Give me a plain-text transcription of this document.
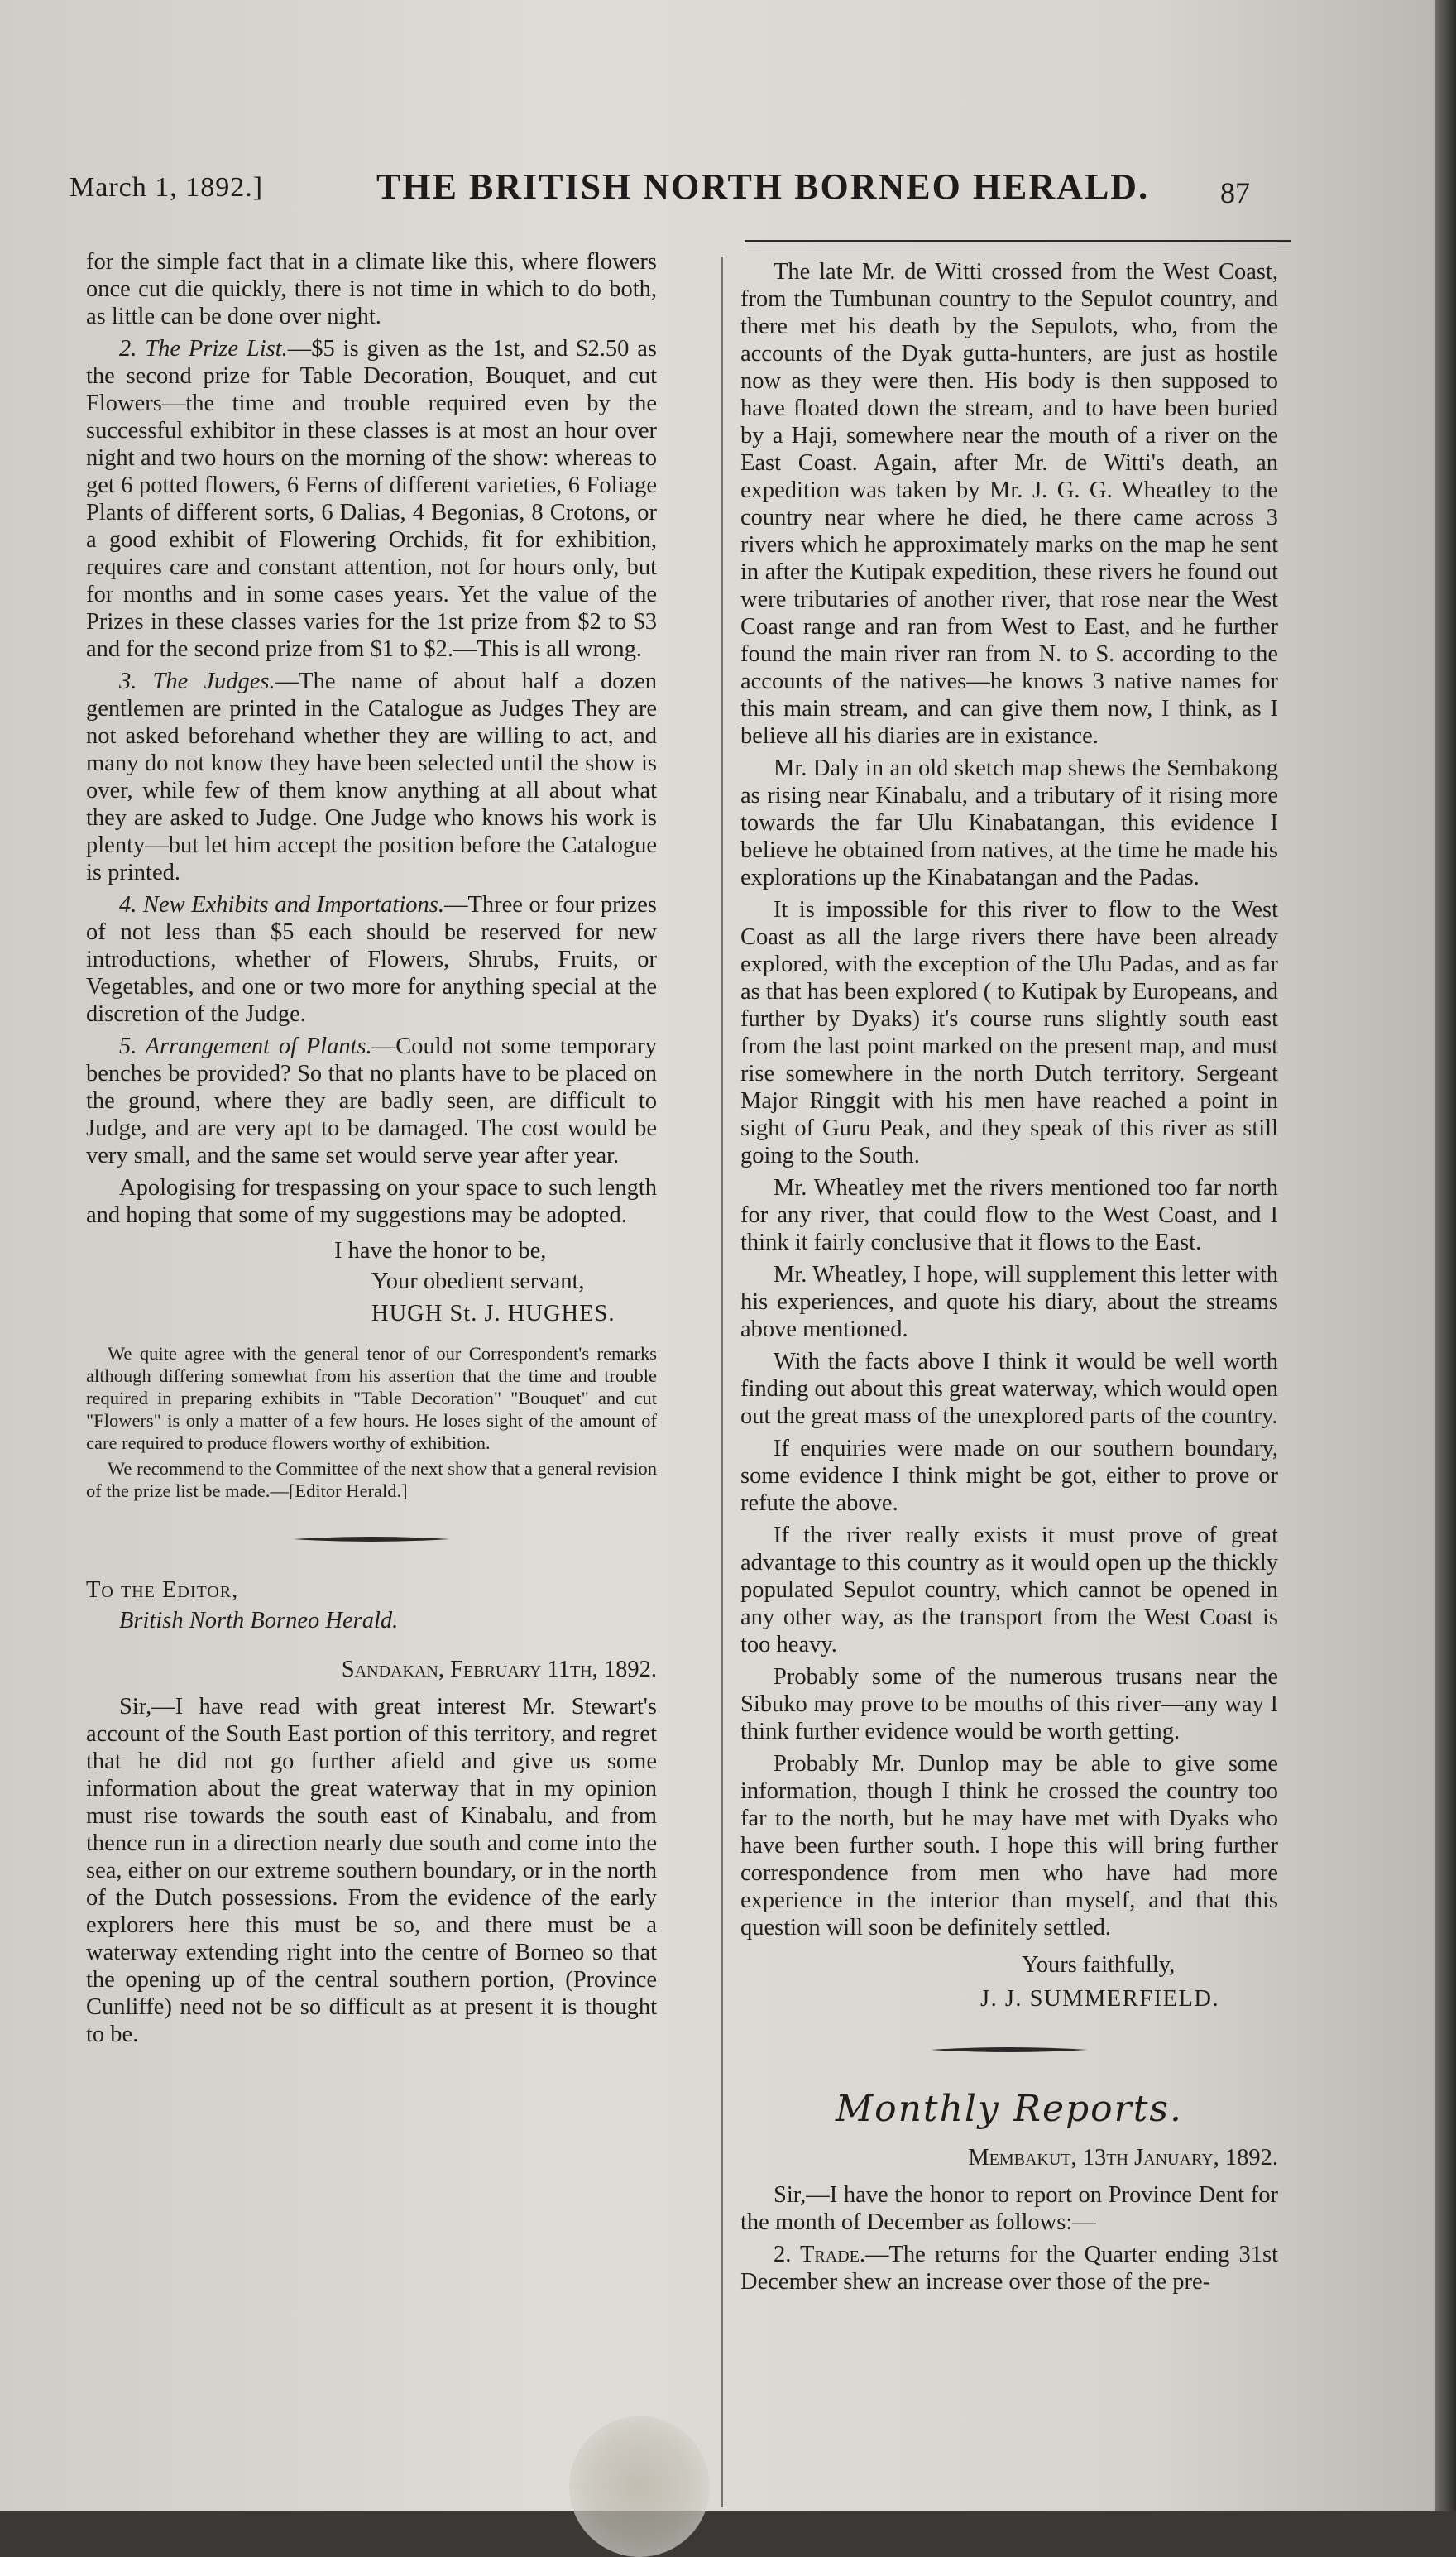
March 1, 1892.]	THE BRITISH NORTH BORNEO HERALD. 87

for the simple fact that in a climate like this, where flowers once cut die quickly, there is not time in which to do both, as little can be done over night.

2. The Prize List.—$5 is given as the 1st, and $2.50 as the second prize for Table Decoration, Bouquet, and cut Flowers—the time and trouble required even by the successful exhibitor in these classes is at most an hour over night and two hours on the morning of the show: whereas to get 6 potted flowers, 6 Ferns of different varieties, 6 Foliage Plants of different sorts, 6 Dalias, 4 Begonias, 8 Crotons, or a good exhibit of Flowering Orchids, fit for exhibition, requires care and constant attention, not for hours only, but for months and in some cases years. Yet the value of the Prizes in these classes varies for the 1st prize from $2 to $3 and for the second prize from $1 to $2.—This is all wrong.

3. The Judges.—The name of about half a dozen gentlemen are printed in the Catalogue as Judges They are not asked beforehand whether they are willing to act, and many do not know they have been selected until the show is over, while few of them know anything at all about what they are asked to Judge. One Judge who knows his work is plenty—but let him accept the position before the Catalogue is printed.

4. New Exhibits and Importations.—Three or four prizes of not less than $5 each should be reserved for new introductions, whether of Flowers, Shrubs, Fruits, or Vegetables, and one or two more for anything special at the discretion of the Judge.

5. Arrangement of Plants.—Could not some temporary benches be provided? So that no plants have to be placed on the ground, where they are badly seen, are difficult to Judge, and are very apt to be damaged. The cost would be very small, and the same set would serve year after year.

Apologising for trespassing on your space to such length and hoping that some of my suggestions may be adopted.

I have the honor to be,
Your obedient servant,
HUGH St. J. HUGHES.

We quite agree with the general tenor of our Correspondent's remarks although differing somewhat from his assertion that the time and trouble required in preparing exhibits in "Table Decoration" "Bouquet" and cut "Flowers" is only a matter of a few hours. He loses sight of the amount of care required to produce flowers worthy of exhibition.

We recommend to the Committee of the next show that a general revision of the prize list be made.—[Editor Herald.]

To the Editor,
British North Borneo Herald.
Sandakan, February 11th, 1892.

Sir,—I have read with great interest Mr. Stewart's account of the South East portion of this territory, and regret that he did not go further afield and give us some information about the great waterway that in my opinion must rise towards the south east of Kinabalu, and from thence run in a direction nearly due south and come into the sea, either on our extreme southern boundary, or in the north of the Dutch possessions. From the evidence of the early explorers here this must be so, and there must be a waterway extending right into the centre of Borneo so that the opening up of the central southern portion, (Province Cunliffe) need not be so difficult as at present it is thought to be.

The late Mr. de Witti crossed from the West Coast, from the Tumbunan country to the Sepulot country, and there met his death by the Sepulots, who, from the accounts of the Dyak gutta-hunters, are just as hostile now as they were then. His body is then supposed to have floated down the stream, and to have been buried by a Haji, somewhere near the mouth of a river on the East Coast. Again, after Mr. de Witti's death, an expedition was taken by Mr. J. G. G. Wheatley to the country near where he died, he there came across 3 rivers which he approximately marks on the map he sent in after the Kutipak expedition, these rivers he found out were tributaries of another river, that rose near the West Coast range and ran from West to East, and he further found the main river ran from N. to S. according to the accounts of the natives—he knows 3 native names for this main stream, and can give them now, I think, as I believe all his diaries are in existance.

Mr. Daly in an old sketch map shews the Sembakong as rising near Kinabalu, and a tributary of it rising more towards the far Ulu Kinabatangan, this evidence I believe he obtained from natives, at the time he made his explorations up the Kinabatangan and the Padas.

It is impossible for this river to flow to the West Coast as all the large rivers there have been already explored, with the exception of the Ulu Padas, and as far as that has been explored ( to Kutipak by Europeans, and further by Dyaks) it's course runs slightly south east from the last point marked on the present map, and must rise somewhere in the north Dutch territory. Sergeant Major Ringgit with his men have reached a point in sight of Guru Peak, and they speak of this river as still going to the South.

Mr. Wheatley met the rivers mentioned too far north for any river, that could flow to the West Coast, and I think it fairly conclusive that it flows to the East.

Mr. Wheatley, I hope, will supplement this letter with his experiences, and quote his diary, about the streams above mentioned.

With the facts above I think it would be well worth finding out about this great waterway, which would open out the great mass of the unexplored parts of the country.

If enquiries were made on our southern boundary, some evidence I think might be got, either to prove or refute the above.

If the river really exists it must prove of great advantage to this country as it would open up the thickly populated Sepulot country, which cannot be opened in any other way, as the transport from the West Coast is too heavy.

Probably some of the numerous trusans near the Sibuko may prove to be mouths of this river—any way I think further evidence would be worth getting.

Probably Mr. Dunlop may be able to give some information, though I think he crossed the country too far to the north, but he may have met with Dyaks who have been further south. I hope this will bring further correspondence from men who have had more experience in the interior than myself, and that this question will soon be definitely settled.

Yours faithfully,
J. J. SUMMERFIELD.
Monthly Reports.
Membakut, 13th January, 1892.

Sir,—I have the honor to report on Province Dent for the month of December as follows:—

2. Trade.—The returns for the Quarter ending 31st December shew an increase over those of the pre-
